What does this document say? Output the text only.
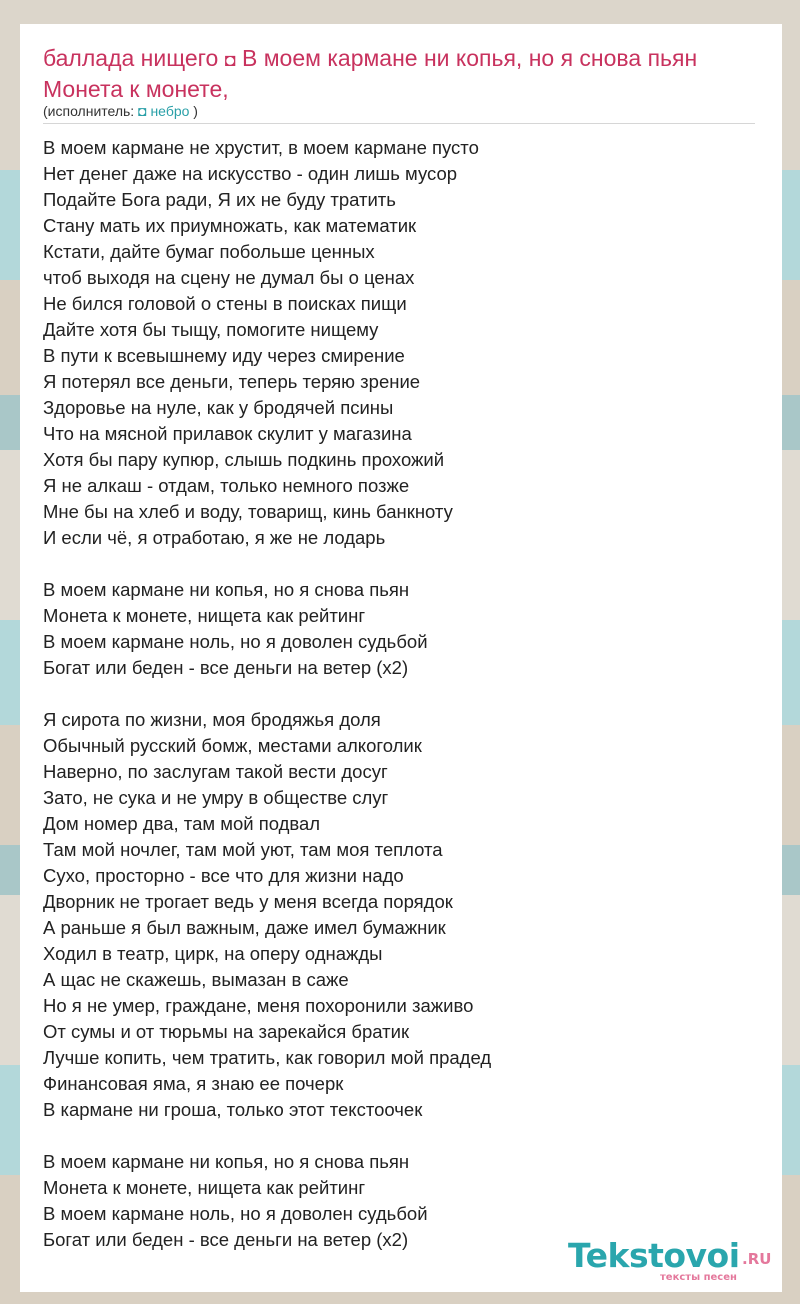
баллада нищего ◘ В моем кармане ни копья, но я снова пьян
Монета к монете,
(исполнитель: ◘ небро )
В моем кармане не хрустит, в моем кармане пусто
Нет денег даже на искусство - один лишь мусор
Подайте Бога ради, Я их не буду тратить
Стану мать их приумножать, как математик
Кстати, дайте бумаг побольше ценных
чтоб выходя на сцену не думал бы о ценах
Не бился головой о стены в поисках пищи
Дайте хотя бы тыщу, помогите нищему
В пути к всевышнему иду через смирение
Я потерял все деньги, теперь теряю зрение
Здоровье на нуле, как у бродячей псины
Что на мясной прилавок скулит у магазина
Хотя бы пару купюр, слышь подкинь прохожий
Я не алкаш - отдам, только немного позже
Мне бы на хлеб и воду, товарищ, кинь банкноту
И если чё, я отработаю, я же не лодарь
В моем кармане ни копья, но я снова пьян
Монета к монете, нищета как рейтинг
В моем кармане ноль, но я доволен судьбой
Богат или беден - все деньги на ветер (x2)
Я сирота по жизни, моя бродяжья доля
Обычный русский бомж, местами алкоголик
Наверно, по заслугам такой вести досуг
Зато, не сука и не умру в обществе слуг
Дом номер два, там мой подвал
Там мой ночлег, там мой уют, там моя теплота
Сухо, просторно - все что для жизни надо
Дворник не трогает ведь у меня всегда порядок
А раньше я был важным, даже имел бумажник
Ходил в театр, цирк, на оперу однажды
А щас не скажешь, вымазан в саже
Но я не умер, граждане, меня похоронили заживо
От сумы и от тюрьмы на зарекайся братик
Лучше копить, чем тратить, как говорил мой прадед
Финансовая яма, я знаю ее почерк
В кармане ни гроша, только этот текстоочек
В моем кармане ни копья, но я снова пьян
Монета к монете, нищета как рейтинг
В моем кармане ноль, но я доволен судьбой
Богат или беден - все деньги на ветер (x2)	Tekstovoi .RU
тексты песен
